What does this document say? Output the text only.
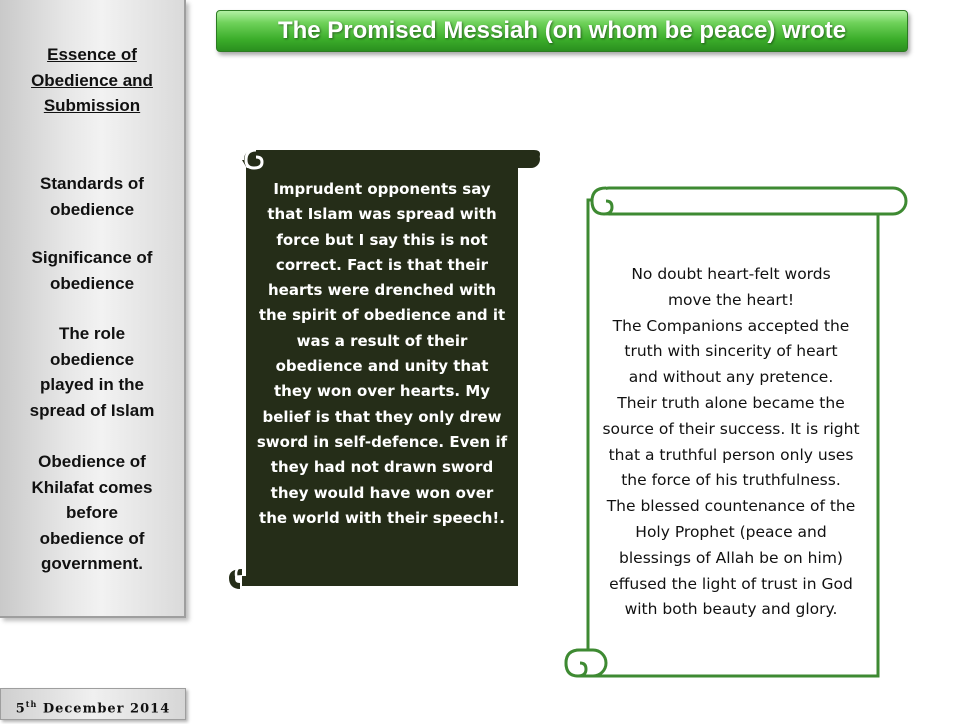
Essence of
Obedience and
Submission
Standards of
obedience
Significance of
obedience
The role
obedience
played in the
spread of Islam
Obedience of
Khilafat comes
before
obedience of
government.
5th December 2014
The Promised Messiah (on whom be peace) wrote
Imprudent opponents say
that Islam was spread with
force but I say this is not
correct. Fact is that their
hearts were drenched with
the spirit of obedience and it
was a result of their
obedience and unity that
they won over hearts. My
belief is that they only drew
sword in self-defence. Even if
they had not drawn sword
they would have won over
the world with their speech!.
No doubt heart-felt words
move the heart!
The Companions accepted the
truth with sincerity of heart
and without any pretence.
Their truth alone became the
source of their success. It is right
that a truthful person only uses
the force of his truthfulness.
The blessed countenance of the
Holy Prophet (peace and
blessings of Allah be on him)
effused the light of trust in God
with both beauty and glory.
